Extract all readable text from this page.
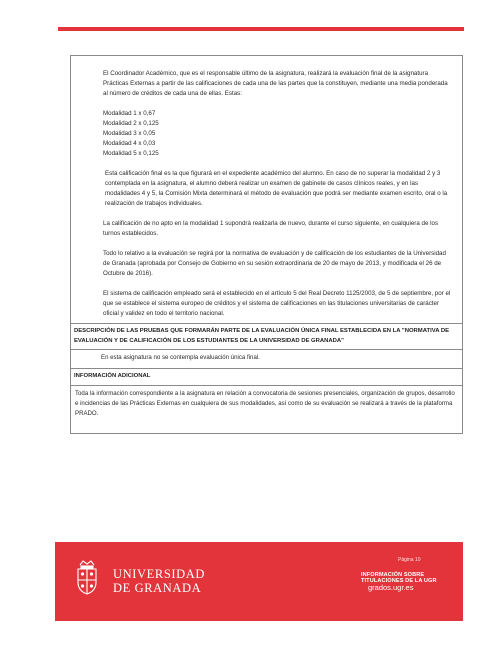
El Coordinador Académico, que es el responsable último de la asignatura, realizará la evaluación final de la asignatura Prácticas Externas a partir de las calificaciones de cada una de las partes que la constituyen, mediante una media ponderada al número de créditos de cada una de ellas. Estas:

Modalidad 1 x 0,67
Modalidad 2 x 0,125
Modalidad 3 x 0,05
Modalidad 4 x 0,03
Modalidad 5 x 0,125

Esta calificación final es la que figurará en el expediente académico del alumno. En caso de no superar la modalidad 2 y 3 contemplada en la asignatura, el alumno deberá realizar un examen de gabinete de casos clínicos reales, y en las modalidades 4 y 5, la Comisión Mixta determinará el método de evaluación que podrá ser mediante examen escrito, oral o la realización de trabajos individuales.

La calificación de no apto en la modalidad 1 supondrá realizarla de nuevo, durante el curso siguiente, en cualquiera de los turnos establecidos.

Todo lo relativo a la evaluación se regirá por la normativa de evaluación y de calificación de los estudiantes de la Universidad de Granada (aprobada por Consejo de Gobierno en su sesión extraordinaria de 20 de mayo de 2013, y modificada el 26 de Octubre de 2016).

El sistema de calificación empleado será el establecido en el artículo 5 del Real Decreto 1125/2003, de 5 de septiembre, por el que se establece el sistema europeo de créditos y el sistema de calificaciones en las titulaciones universitarias de carácter oficial y validez en todo el territorio nacional.

DESCRIPCIÓN DE LAS PRUEBAS QUE FORMARÁN PARTE DE LA EVALUACIÓN ÚNICA FINAL ESTABLECIDA EN LA "NORMATIVA DE EVALUACIÓN Y DE CALIFICACIÓN DE LOS ESTUDIANTES DE LA UNIVERSIDAD DE GRANADA"
En esta asignatura no se contempla evaluación única final.
INFORMACIÓN ADICIONAL
Toda la información correspondiente a la asignatura en relación a convocatoria de sesiones presenciales, organización de grupos, desarrollo e incidencias de las Prácticas Externas en cualquiera de sus modalidades, así como de su evaluación se realizará a través de la plataforma PRADO.
UNIVERSIDAD
DE GRANADA
Página 10
INFORMACIÓN SOBRE TITULACIONES DE LA UGR
grados.ugr.es
